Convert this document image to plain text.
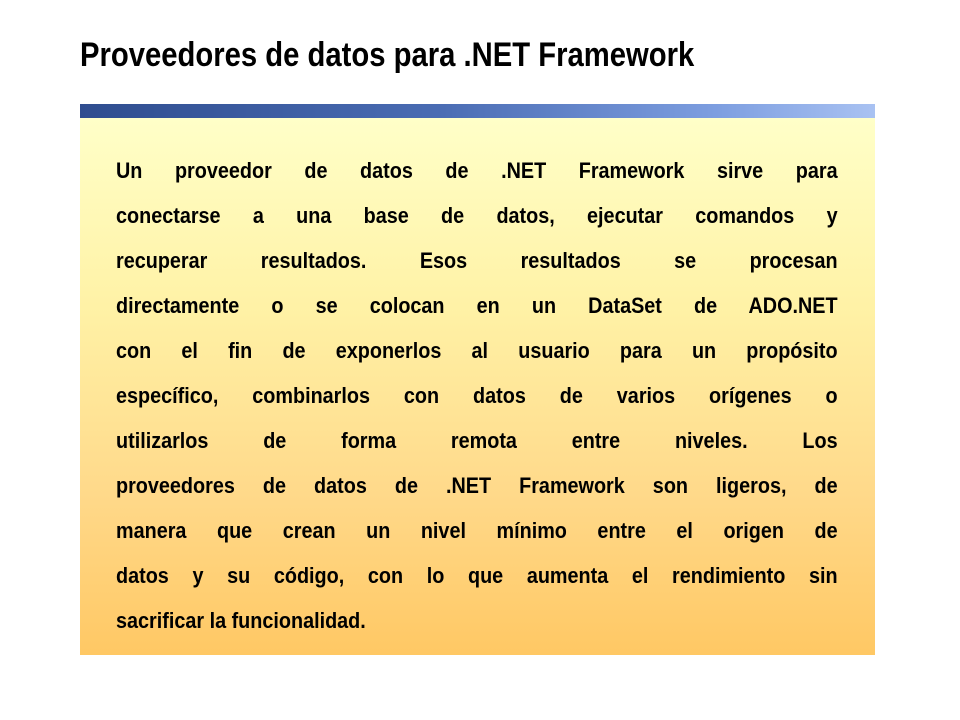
Proveedores de datos para .NET Framework
Un proveedor de datos de .NET Framework sirve para
conectarse a una base de datos, ejecutar comandos y
recuperar resultados. Esos resultados se procesan
directamente o se colocan en un DataSet de ADO.NET
con el fin de exponerlos al usuario para un propósito
específico, combinarlos con datos de varios orígenes o
utilizarlos de forma remota entre niveles. Los
proveedores de datos de .NET Framework son ligeros, de
manera que crean un nivel mínimo entre el origen de
datos y su código, con lo que aumenta el rendimiento sin
sacrificar la funcionalidad.
